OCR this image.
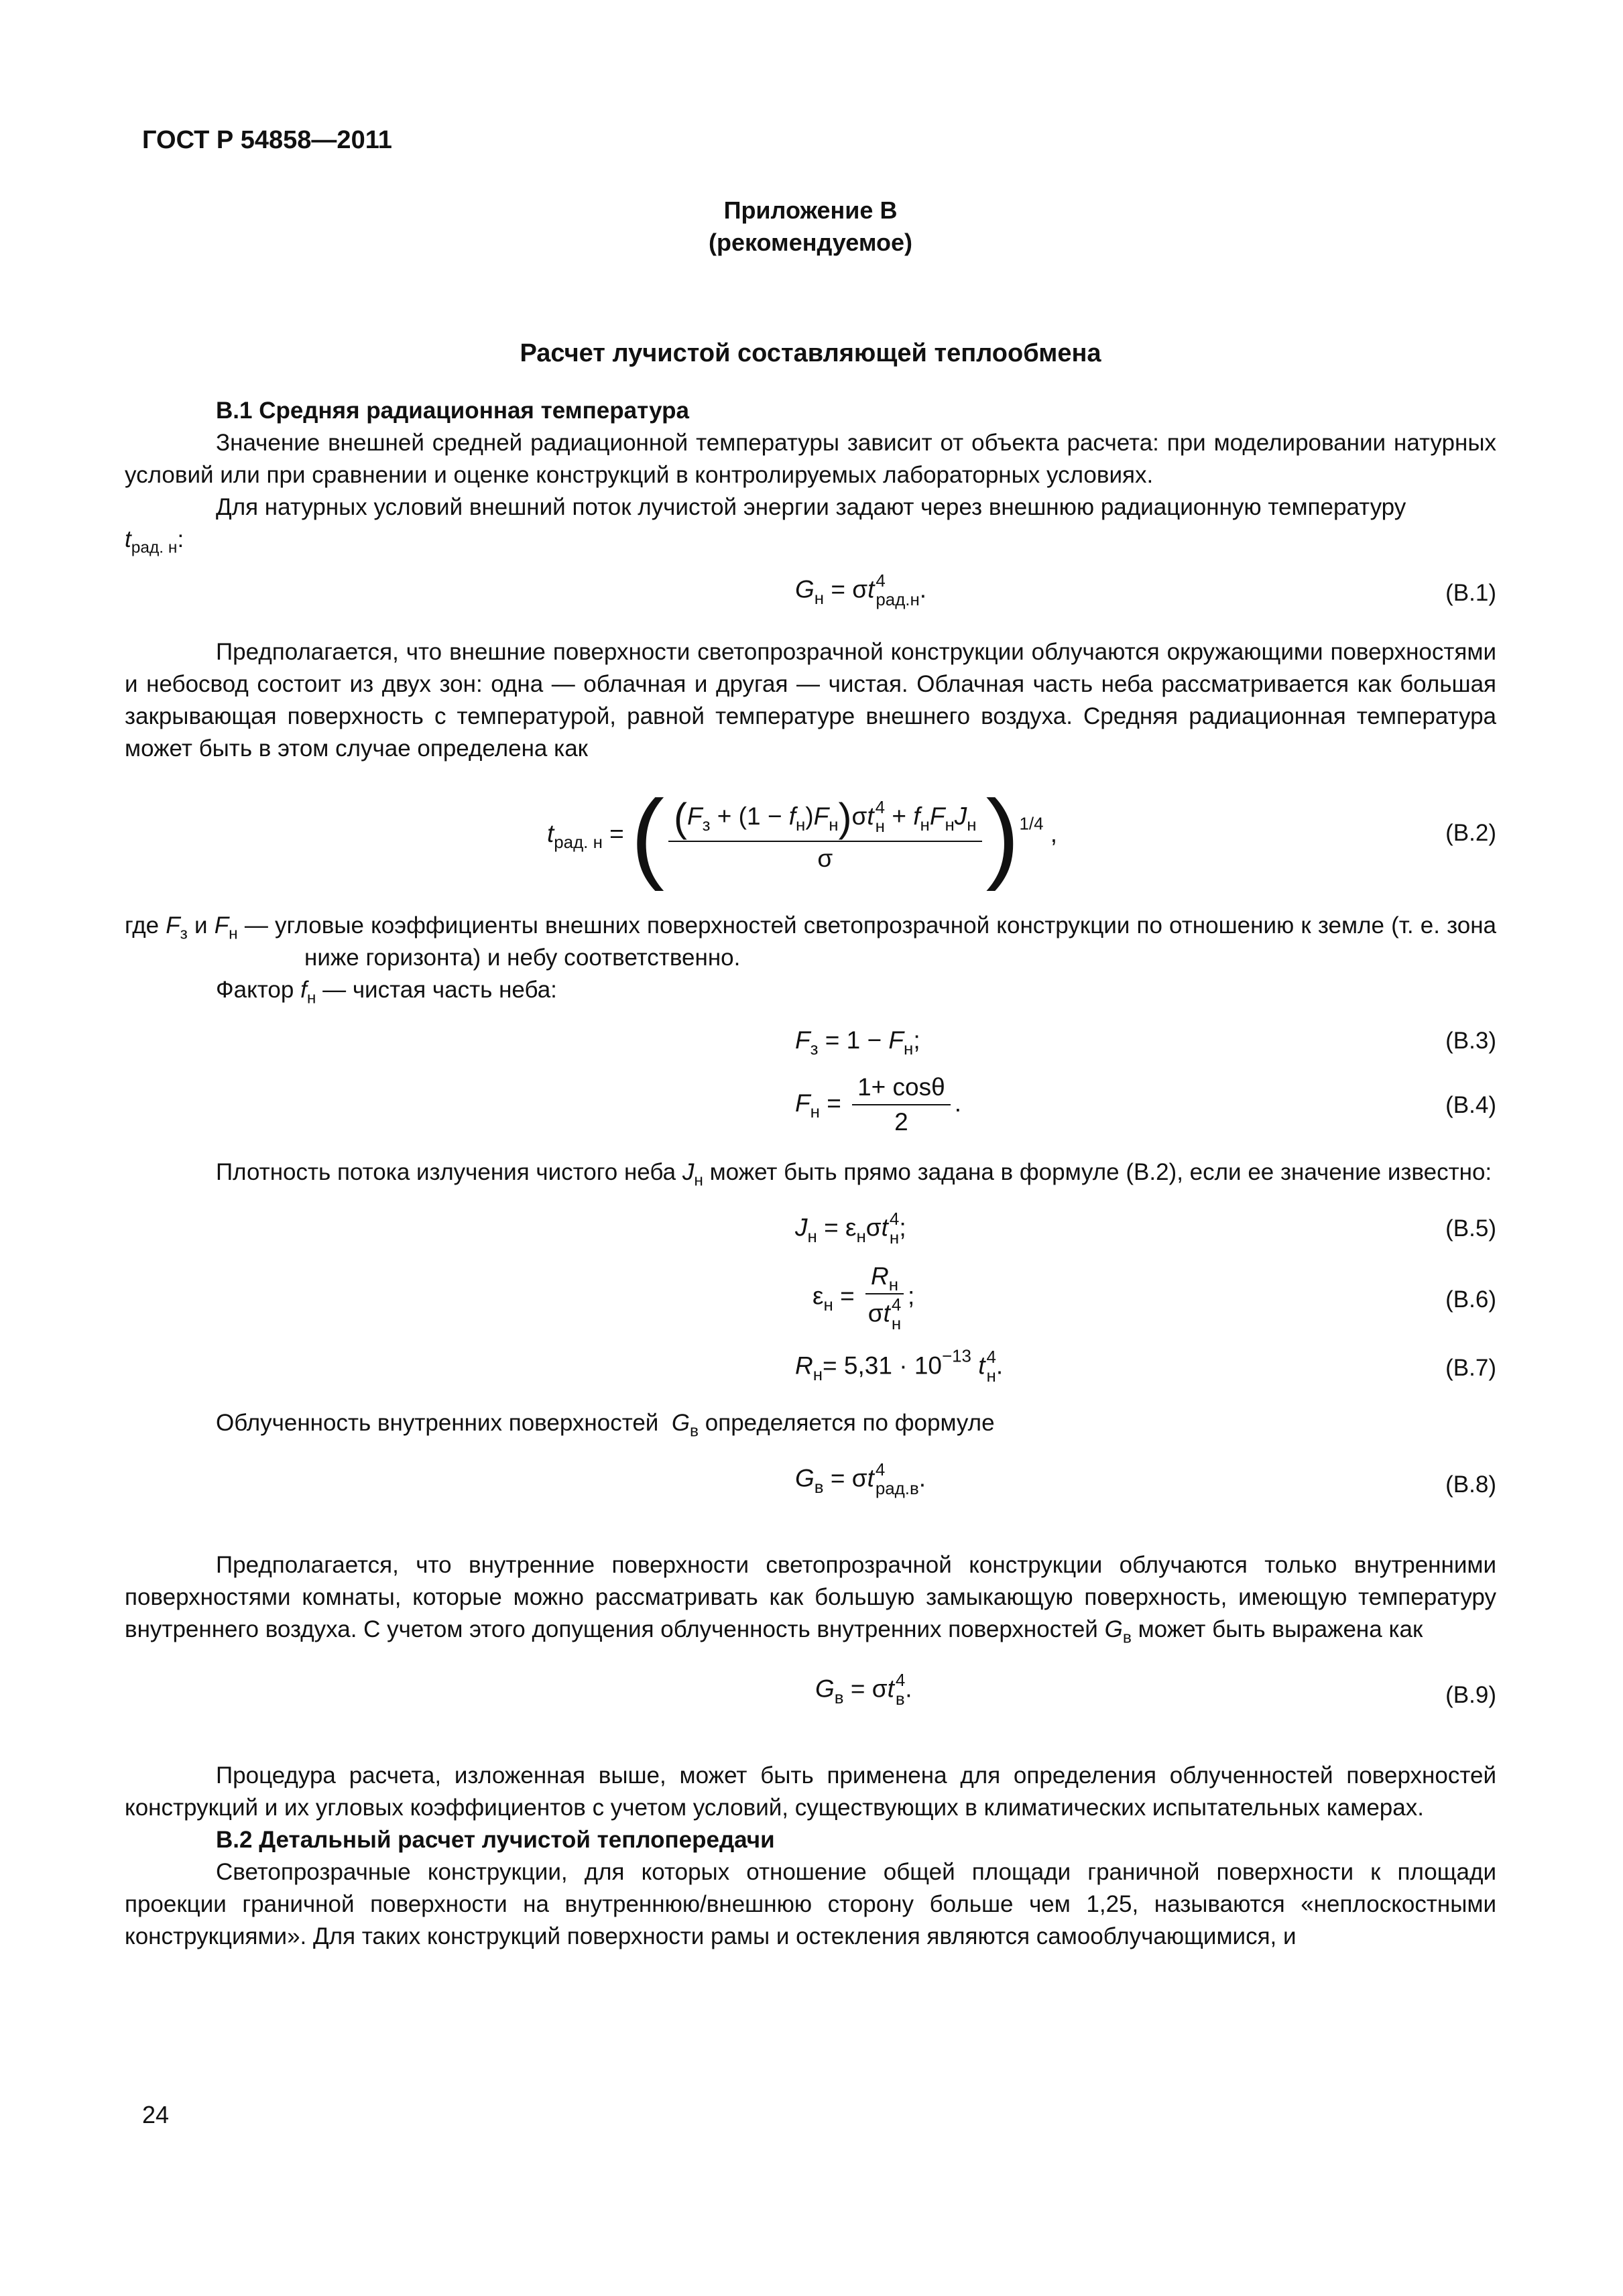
ГОСТ Р 54858—2011

Приложение В

(рекомендуемое)

Расчет лучистой составляющей теплообмена

В.1 Средняя радиационная температура

Значение внешней средней радиационной температуры зависит от объекта расчета: при моделировании натурных условий или при сравнении и оценке конструкций в контролируемых лабораторных условиях.

Для натурных условий внешний поток лучистой энергии задают через внешнюю радиационную температуру

$t_{рад. н}$:

$G_н = \sigma t$ 4
рад.н .	(В.1)

Предполагается, что внешние поверхности светопрозрачной конструкции облучаются окружающими поверхностями и небосвод состоит из двух зон: одна — облачная и другая — чистая. Облачная часть неба рассматривается как большая закрывающая поверхность с температурой, равной температуре внешнего воздуха. Средняя радиационная температура может быть в этом случае определена как

$t_{рад. н}$ = ( $(F_з + (1 - f_н)F_н)\sigma t$ 4
$н + f_нF_нJ_н$
σ )$^{1/4}$ ,	(В.2)

где $F_з$ и $F_н$ — угловые коэффициенты внешних поверхностей светопрозрачной конструкции по отношению к земле (т. е. зона ниже горизонта) и небу соответственно.

Фактор $f_н$ — чистая часть неба:

$F_з = 1 - F_н$;	(В.3)
$F_н = \frac{1+ \cos\theta}{2}$ .	(В.4)

Плотность потока излучения чистого неба $J_н$ может быть прямо задана в формуле (В.2), если ее значение известно:

$J_н = \varepsilon_н\sigma t$ 4
н ;	(В.5)
$\varepsilon_н = R_н$
σt 4
н ;	(В.6)
$R_н= 5,31 \cdot 10^{-13}$ t 4
н .	(В.7)

Облученность внутренних поверхностей $G_в$ определяется по формуле

$G_в = \sigma t$ 4
рад.в .	(В.8)

Предполагается, что внутренние поверхности светопрозрачной конструкции облучаются только внутренними поверхностями комнаты, которые можно рассматривать как большую замыкающую поверхность, имеющую температуру внутреннего воздуха. С учетом этого допущения облученность внутренних поверхностей $G_в$ может быть выражена как

$G_в = \sigma t$ 4
в .	(В.9)

Процедура расчета, изложенная выше, может быть применена для определения облученностей поверхностей конструкций и их угловых коэффициентов с учетом условий, существующих в климатических испытательных камерах.

В.2 Детальный расчет лучистой теплопередачи

Светопрозрачные конструкции, для которых отношение общей площади граничной поверхности к площади проекции граничной поверхности на внутреннюю/внешнюю сторону больше чем 1,25, называются «неплоскостными конструкциями». Для таких конструкций поверхности рамы и остекления являются самооблучающимися, и

24
